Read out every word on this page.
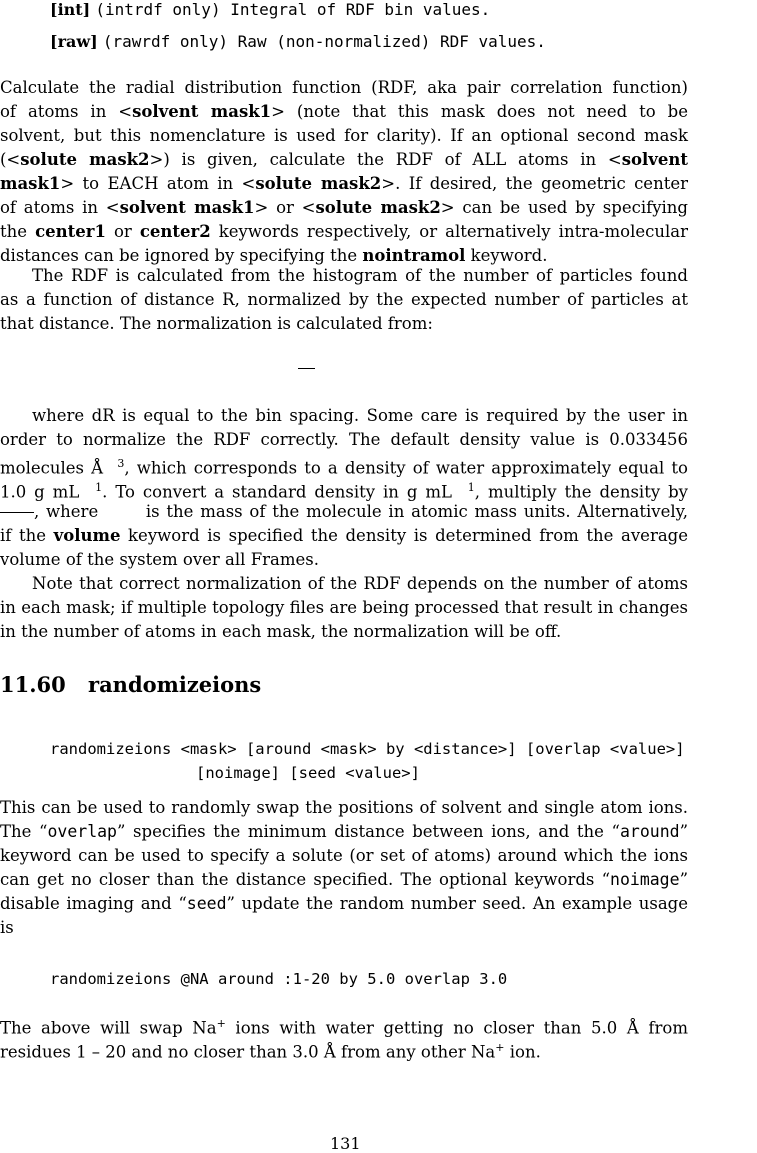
[int] (intrdf only) Integral of RDF bin values.
[raw] (rawrdf only) Raw (non-normalized) RDF values.
Calculate the radial distribution function (RDF, aka pair correlation function)
of atoms in <solvent mask1> (note that this mask does not need to be
solvent, but this nomenclature is used for clarity). If an optional second mask
(<solute mask2>) is given, calculate the RDF of ALL atoms in <solvent
mask1> to EACH atom in <solute mask2>. If desired, the geometric center
of atoms in <solvent mask1> or <solute mask2> can be used by specifying
the center1 or center2 keywords respectively, or alternatively intra-molecular
distances can be ignored by specifying the nointramol keyword.
The RDF is calculated from the histogram of the number of particles found
as a function of distance R, normalized by the expected number of particles at
that distance. The normalization is calculated from:
where dR is equal to the bin spacing. Some care is required by the user in
order to normalize the RDF correctly. The default density value is 0.033456
molecules Å $^3$, which corresponds to a density of water approximately equal to
1.0 g mL $^1$. To convert a standard density in g mL $^1$, multiply the density by
, where	is the mass of the molecule in atomic mass units. Alternatively,
if the volume keyword is specified the density is determined from the average
volume of the system over all Frames.
Note that correct normalization of the RDF depends on the number of atoms
in each mask; if multiple topology files are being processed that result in changes
in the number of atoms in each mask, the normalization will be off.
11.60 randomizeions
randomizeions <mask> [around <mask> by <distance>] [overlap <value>]
[noimage] [seed <value>]
This can be used to randomly swap the positions of solvent and single atom ions.
The “overlap” specifies the minimum distance between ions, and the “around”
keyword can be used to specify a solute (or set of atoms) around which the ions
can get no closer than the distance specified. The optional keywords “noimage”
disable imaging and “seed” update the random number seed. An example usage
is
randomizeions @NA around :1-20 by 5.0 overlap 3.0
The above will swap Na+ ions with water getting no closer than 5.0 Å from
residues 1 – 20 and no closer than 3.0 Å from any other Na+ ion.
131
